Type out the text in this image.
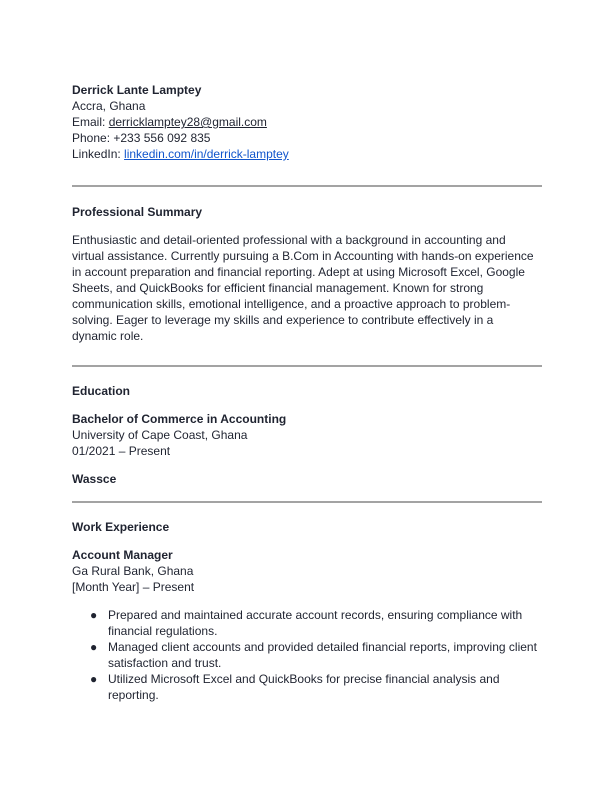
Derrick Lante Lamptey
Accra, Ghana
Email: derricklamptey28@gmail.com
Phone: +233 556 092 835
LinkedIn: linkedin.com/in/derrick-lamptey
Professional Summary
Enthusiastic and detail-oriented professional with a background in accounting and
virtual assistance. Currently pursuing a B.Com in Accounting with hands-on experience
in account preparation and financial reporting. Adept at using Microsoft Excel, Google
Sheets, and QuickBooks for efficient financial management. Known for strong
communication skills, emotional intelligence, and a proactive approach to problem-
solving. Eager to leverage my skills and experience to contribute effectively in a
dynamic role.
Education
Bachelor of Commerce in Accounting
University of Cape Coast, Ghana
01/2021 – Present
Wassce
Work Experience
Account Manager
Ga Rural Bank, Ghana
[Month Year] – Present
● Prepared and maintained accurate account records, ensuring compliance with
financial regulations.
● Managed client accounts and provided detailed financial reports, improving client
satisfaction and trust.
● Utilized Microsoft Excel and QuickBooks for precise financial analysis and
reporting.
